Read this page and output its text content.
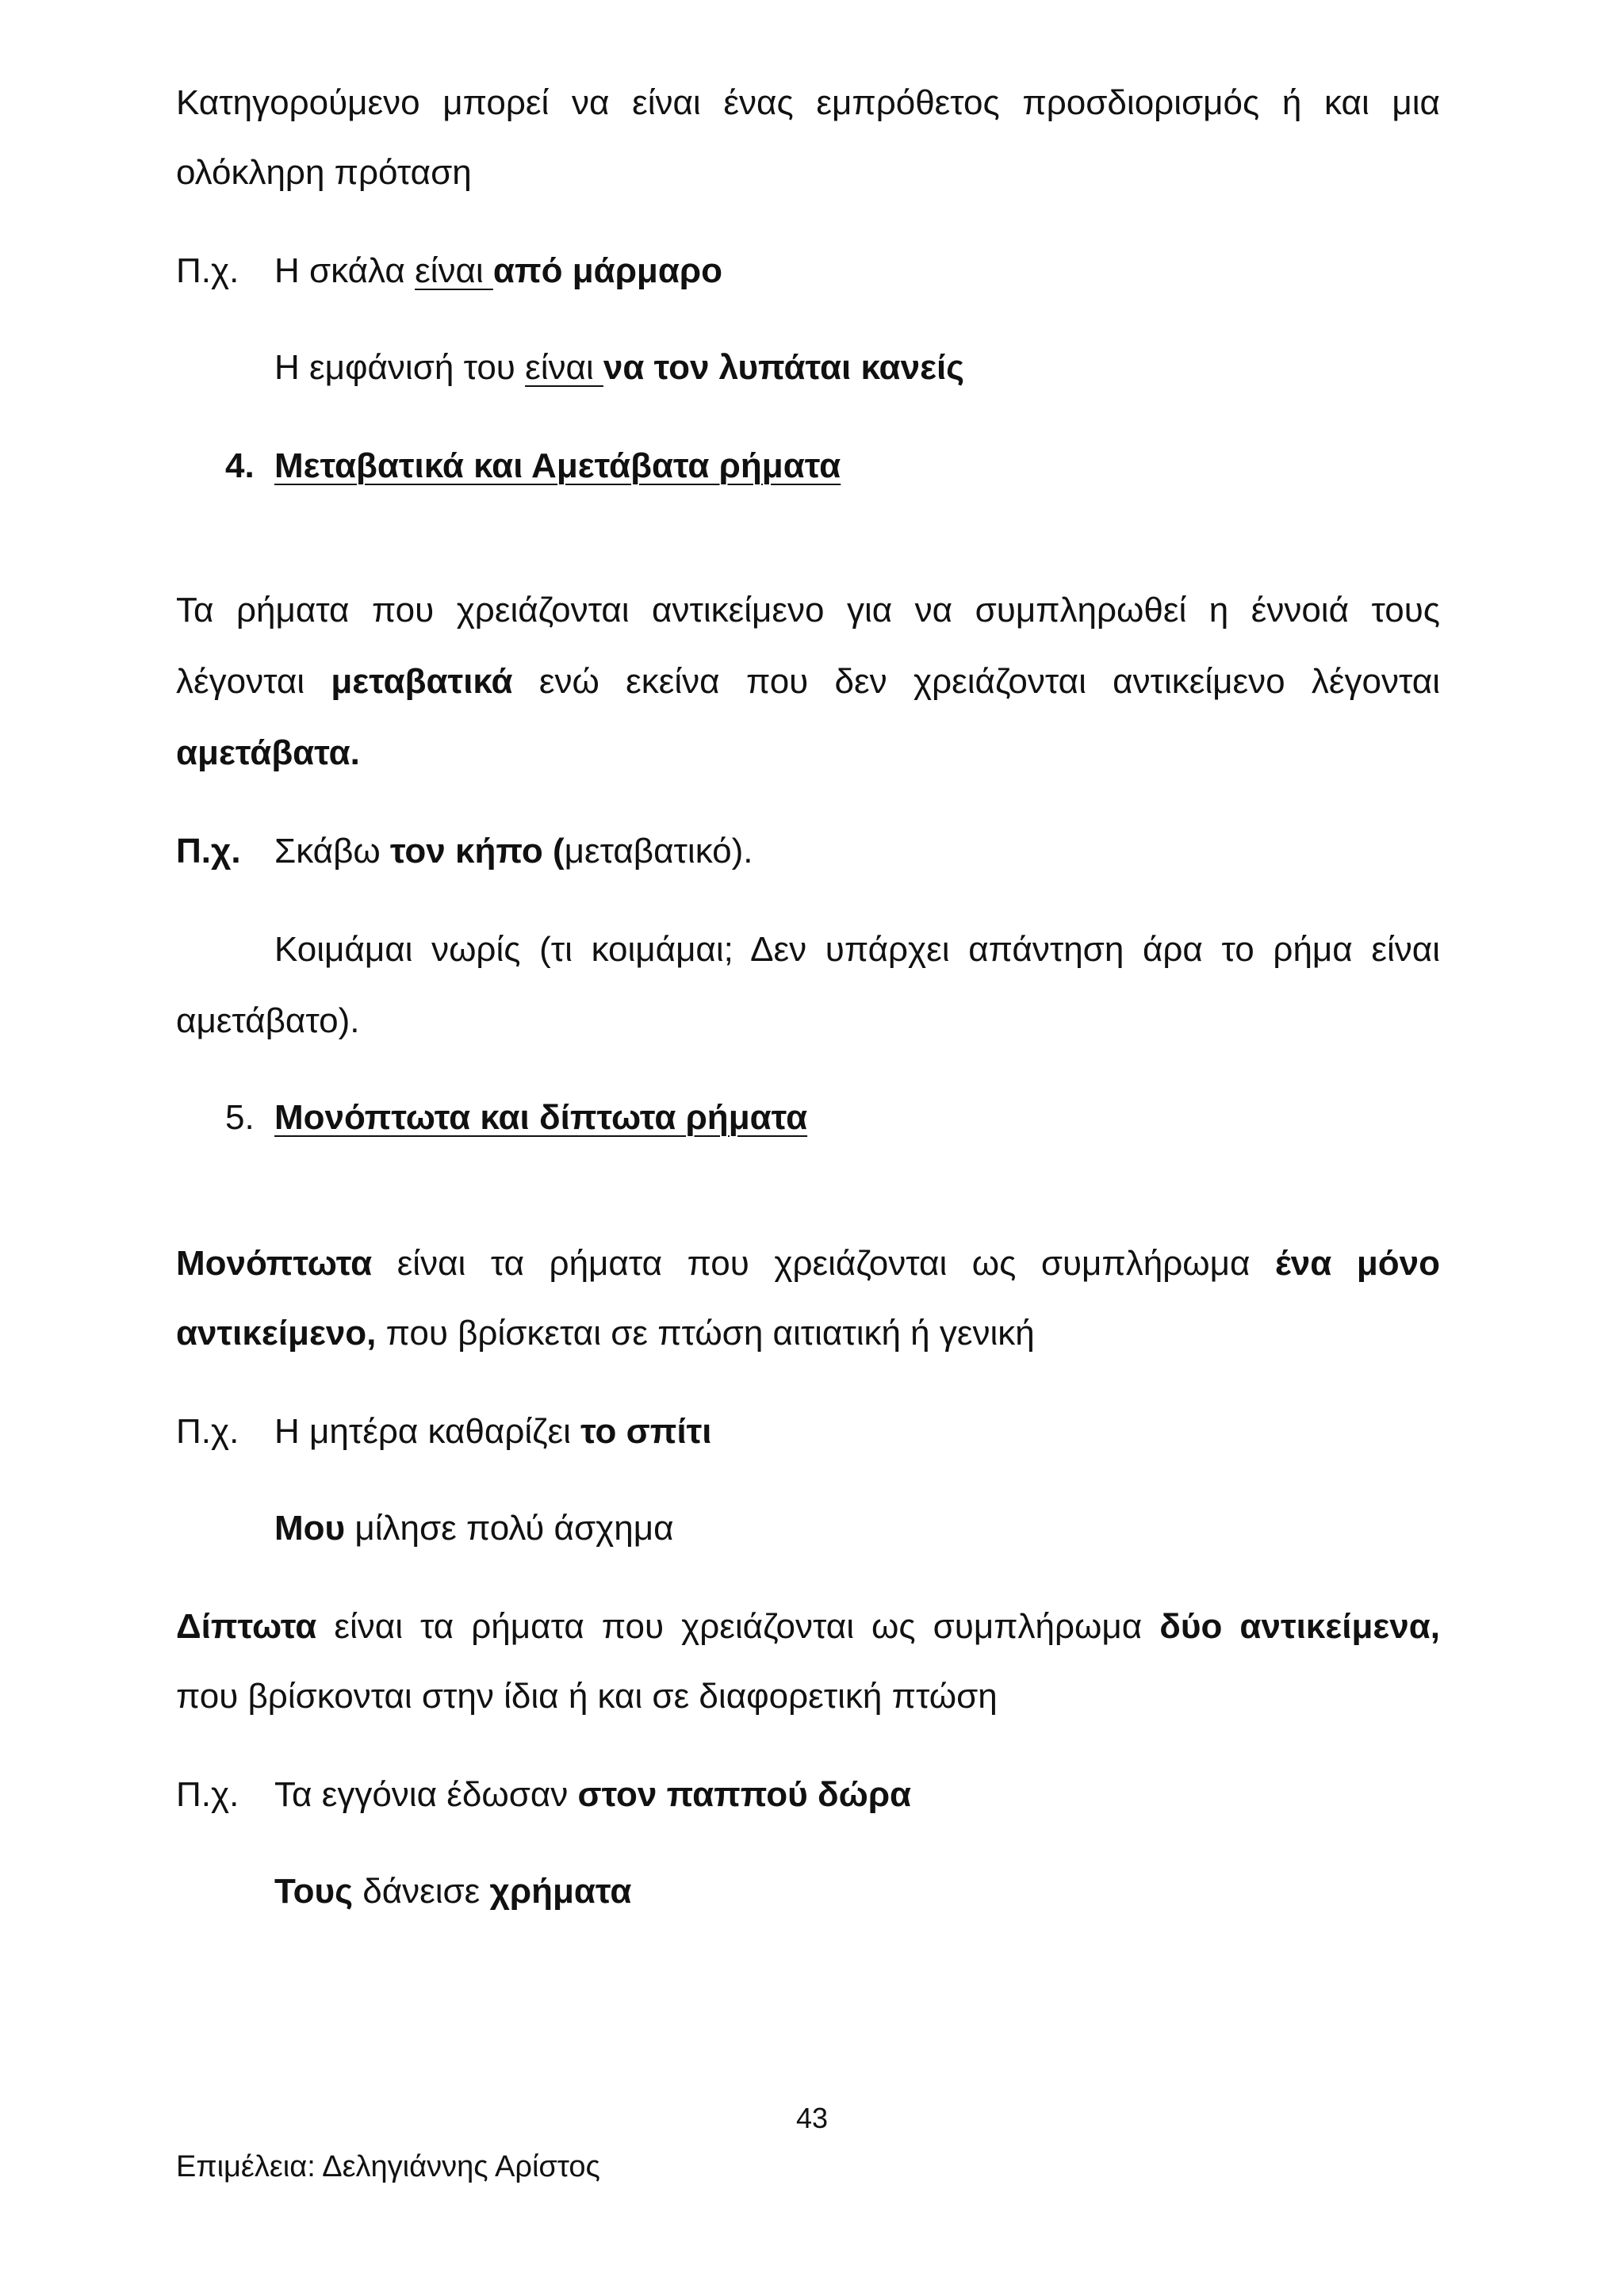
Κατηγορούμενο μπορεί να είναι ένας εμπρόθετος προσδιορισμός ή και μια
ολόκληρη πρόταση
Π.χ. Η σκάλα είναι από μάρμαρο
Η εμφάνισή του είναι να τον λυπάται κανείς
4. Μεταβατικά και Αμετάβατα ρήματα
Τα ρήματα που χρειάζονται αντικείμενο για να συμπληρωθεί η έννοιά τους
λέγονται μεταβατικά ενώ εκείνα που δεν χρειάζονται αντικείμενο λέγονται
αμετάβατα.
Π.χ. Σκάβω τον κήπο (μεταβατικό).
Κοιμάμαι νωρίς (τι κοιμάμαι; Δεν υπάρχει απάντηση άρα το ρήμα είναι
αμετάβατο).
5. Μονόπτωτα και δίπτωτα ρήματα
Μονόπτωτα είναι τα ρήματα που χρειάζονται ως συμπλήρωμα ένα μόνο
αντικείμενο, που βρίσκεται σε πτώση αιτιατική ή γενική
Π.χ. Η μητέρα καθαρίζει το σπίτι
Μου μίλησε πολύ άσχημα
Δίπτωτα είναι τα ρήματα που χρειάζονται ως συμπλήρωμα δύο αντικείμενα,
που βρίσκονται στην ίδια ή και σε διαφορετική πτώση
Π.χ. Τα εγγόνια έδωσαν στον παππού δώρα
Τους δάνεισε χρήματα
43
Επιμέλεια: Δεληγιάννης Αρίστος
